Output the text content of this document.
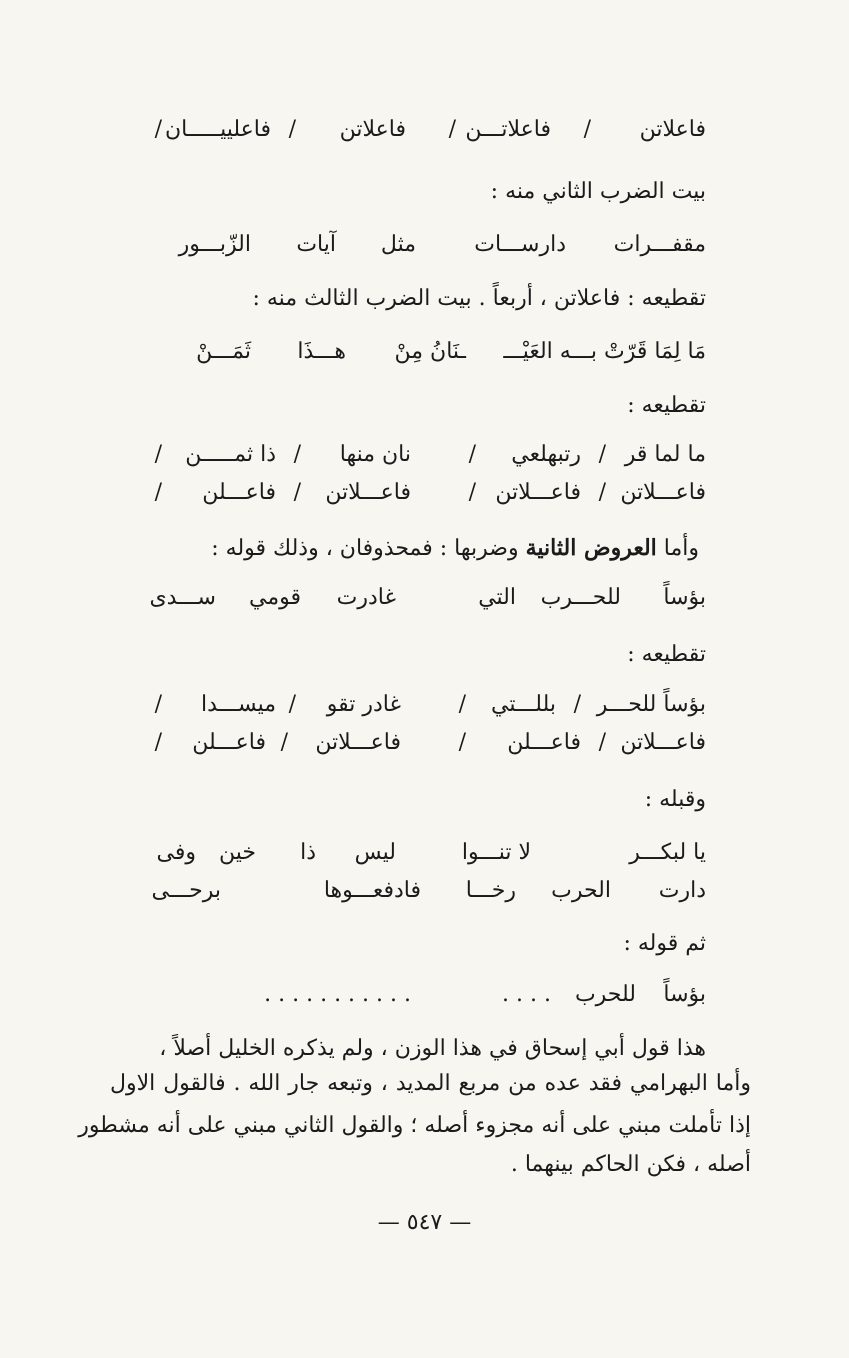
فاعلاتن
/
فاعلاتـــن
/
فاعلاتن
/
فاعلييـــــان
/
بيت الضرب الثاني منه :
مقفـــرات
دارســـات
مثل
آيات
الزّبـــور
تقطيعه : فاعلاتن ، أربعاً . بيت الضرب الثالث منه :
مَا لِمَا قَرّتْ بـــه العَيْـــ
ـنَانُ مِنْ
هـــذَا
ثَمَـــنْ
تقطيعه :
ما لما قر
/
رتبهلعي
/
نان منها
/
ذا ثمـــــن
/
فاعـــلاتن
/
فاعـــلاتن
/
فاعـــلاتن
/
فاعـــلن
/
وأما العروض الثانية وضربها : فمحذوفان ، وذلك قوله :
بؤساً
للحـــرب
التي
غادرت
قومي
ســـدى
تقطيعه :
بؤساً للحـــر
/
بللـــتي
/
غادر تقو
/
ميســـدا
/
فاعـــلاتن
/
فاعـــلن
/
فاعـــلاتن
/
فاعـــلن
/
وقبله :
يا لبكـــر
لا تنـــوا
ليس
ذا
خين
وفى
دارت
الحرب
رخـــا
فادفعـــوها
برحـــى
ثم قوله :
بؤساً
للحرب
. . . .
. . . . . . . . . . .
هذا قول أبي إسحاق في هذا الوزن ، ولم يذكره الخليل أصلاً ،
وأما البهرامي فقد عده من مربع المديد ، وتبعه جار الله . فالقول الاول
إذا تأملت مبني على أنه مجزوء أصله ؛ والقول الثاني مبني على أنه مشطور
أصله ، فكن الحاكم بينهما .
— ٥٤٧ —
